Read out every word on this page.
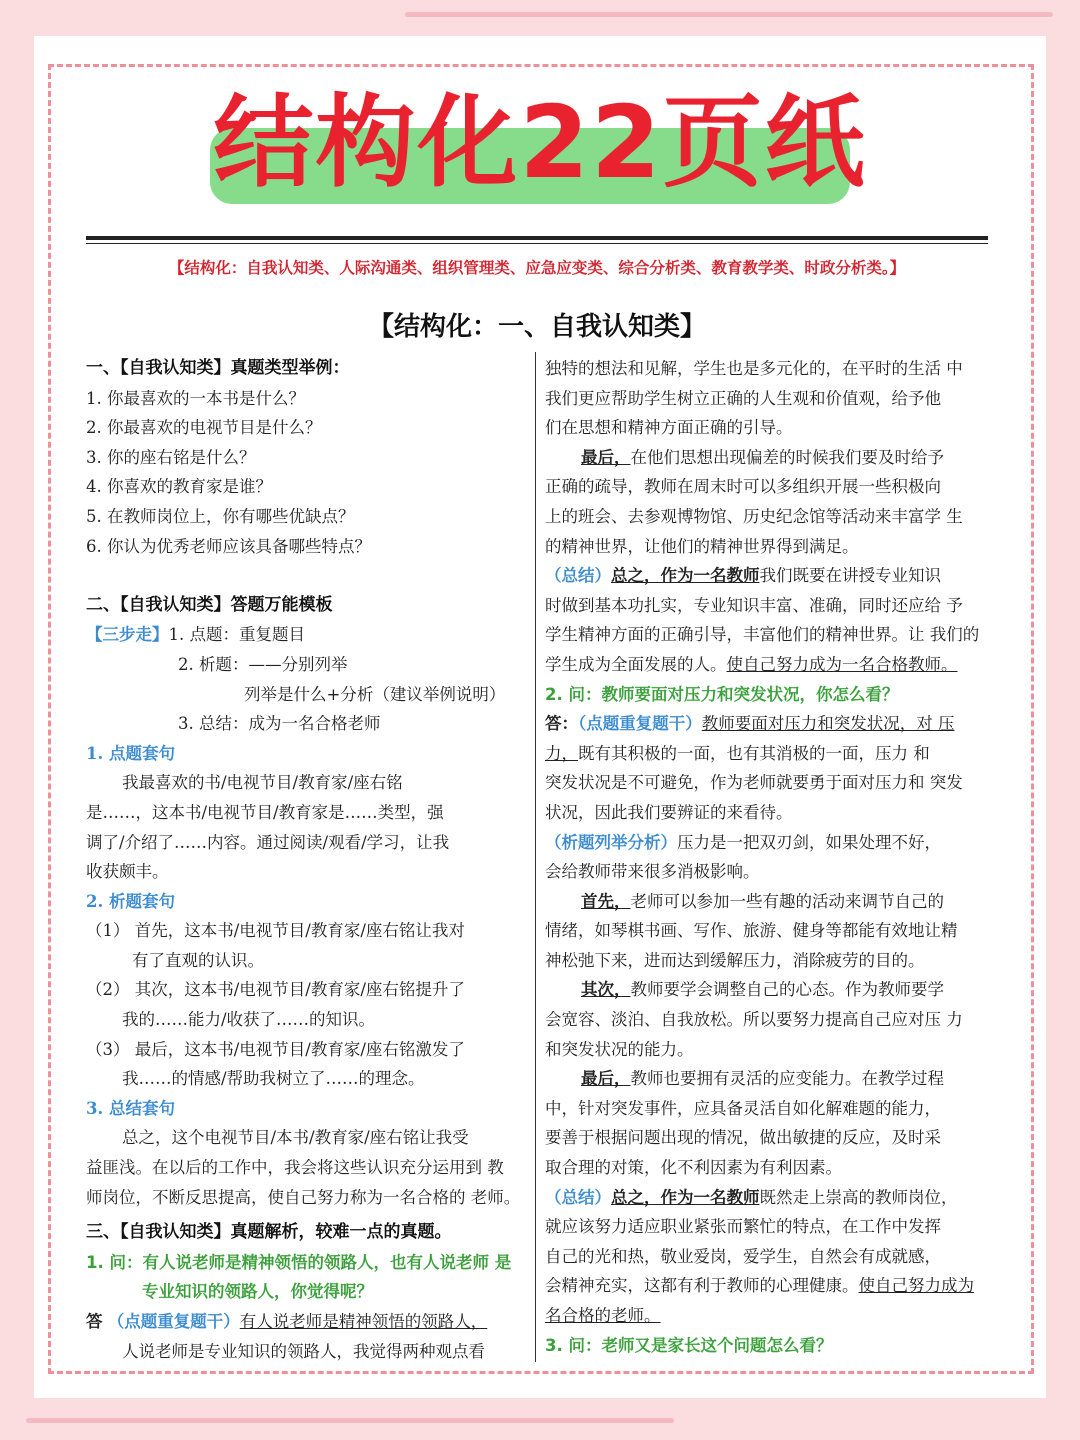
结构化22页纸
【结构化：自我认知类、人际沟通类、组织管理类、应急应变类、综合分析类、教育教学类、时政分析类。】
【结构化：一、自我认知类】
一、【自我认知类】真题类型举例：
1. 你最喜欢的一本书是什么？
2. 你最喜欢的电视节目是什么？
3. 你的座右铭是什么？
4. 你喜欢的教育家是谁？
5. 在教师岗位上，你有哪些优缺点？
6. 你认为优秀老师应该具备哪些特点？
二、【自我认知类】答题万能模板
【三步走】1. 点题：重复题目
2. 析题：——分别列举
列举是什么+分析（建议举例说明）
3. 总结：成为一名合格老师
1. 点题套句
我最喜欢的书/电视节目/教育家/座右铭
是……，这本书/电视节目/教育家是……类型，强
调了/介绍了……内容。通过阅读/观看/学习，让我
收获颇丰。
2. 析题套句
（1） 首先，这本书/电视节目/教育家/座右铭让我对
有了直观的认识。
（2） 其次，这本书/电视节目/教育家/座右铭提升了
我的……能力/收获了……的知识。
（3） 最后，这本书/电视节目/教育家/座右铭激发了
我……的情感/帮助我树立了……的理念。
3. 总结套句
总之，这个电视节目/本书/教育家/座右铭让我受
益匪浅。在以后的工作中，我会将这些认识充分运用到 教
师岗位，不断反思提高，使自己努力称为一名合格的 老师。
三、【自我认知类】真题解析，较难一点的真题。
1. 问：有人说老师是精神领悟的领路人，也有人说老师 是
专业知识的领路人，你觉得呢？
答 （点题重复题干）有人说老师是精神领悟的领路人，
独特的想法和见解，学生也是多元化的，在平时的生活 中
我们更应帮助学生树立正确的人生观和价值观，给予他
们在思想和精神方面正确的引导。
最后，在他们思想出现偏差的时候我们要及时给予
正确的疏导，教师在周末时可以多组织开展一些积极向
上的班会、去参观博物馆、历史纪念馆等活动来丰富学 生
的精神世界，让他们的精神世界得到满足。
（总结）总之，作为一名教师我们既要在讲授专业知识
时做到基本功扎实，专业知识丰富、准确，同时还应给 予
学生精神方面的正确引导，丰富他们的精神世界。让 我们的
学生成为全面发展的人。使自己努力成为一名合格教师。
2. 问：教师要面对压力和突发状况，你怎么看？
答：（点题重复题干）教师要面对压力和突发状况，对 压
力，既有其积极的一面，也有其消极的一面，压力 和
突发状况是不可避免，作为老师就要勇于面对压力和 突发
状况，因此我们要辨证的来看待。
（析题列举分析）压力是一把双刃剑，如果处理不好，
会给教师带来很多消极影响。
首先，老师可以参加一些有趣的活动来调节自己的
情绪，如琴棋书画、写作、旅游、健身等都能有效地让精
神松弛下来，进而达到缓解压力，消除疲劳的目的。
其次，教师要学会调整自己的心态。作为教师要学
会宽容、淡泊、自我放松。所以要努力提高自己应对压 力
和突发状况的能力。
最后，教师也要拥有灵活的应变能力。在教学过程
中，针对突发事件，应具备灵活自如化解难题的能力，
要善于根据问题出现的情况，做出敏捷的反应，及时采
取合理的对策，化不利因素为有利因素。
（总结）总之，作为一名教师既然走上崇高的教师岗位，
就应该努力适应职业紧张而繁忙的特点，在工作中发挥
自己的光和热，敬业爱岗，爱学生，自然会有成就感，
会精神充实，这都有利于教师的心理健康。使自己努力成为
名合格的老师。
3. 问：老师又是家长这个问题怎么看？
